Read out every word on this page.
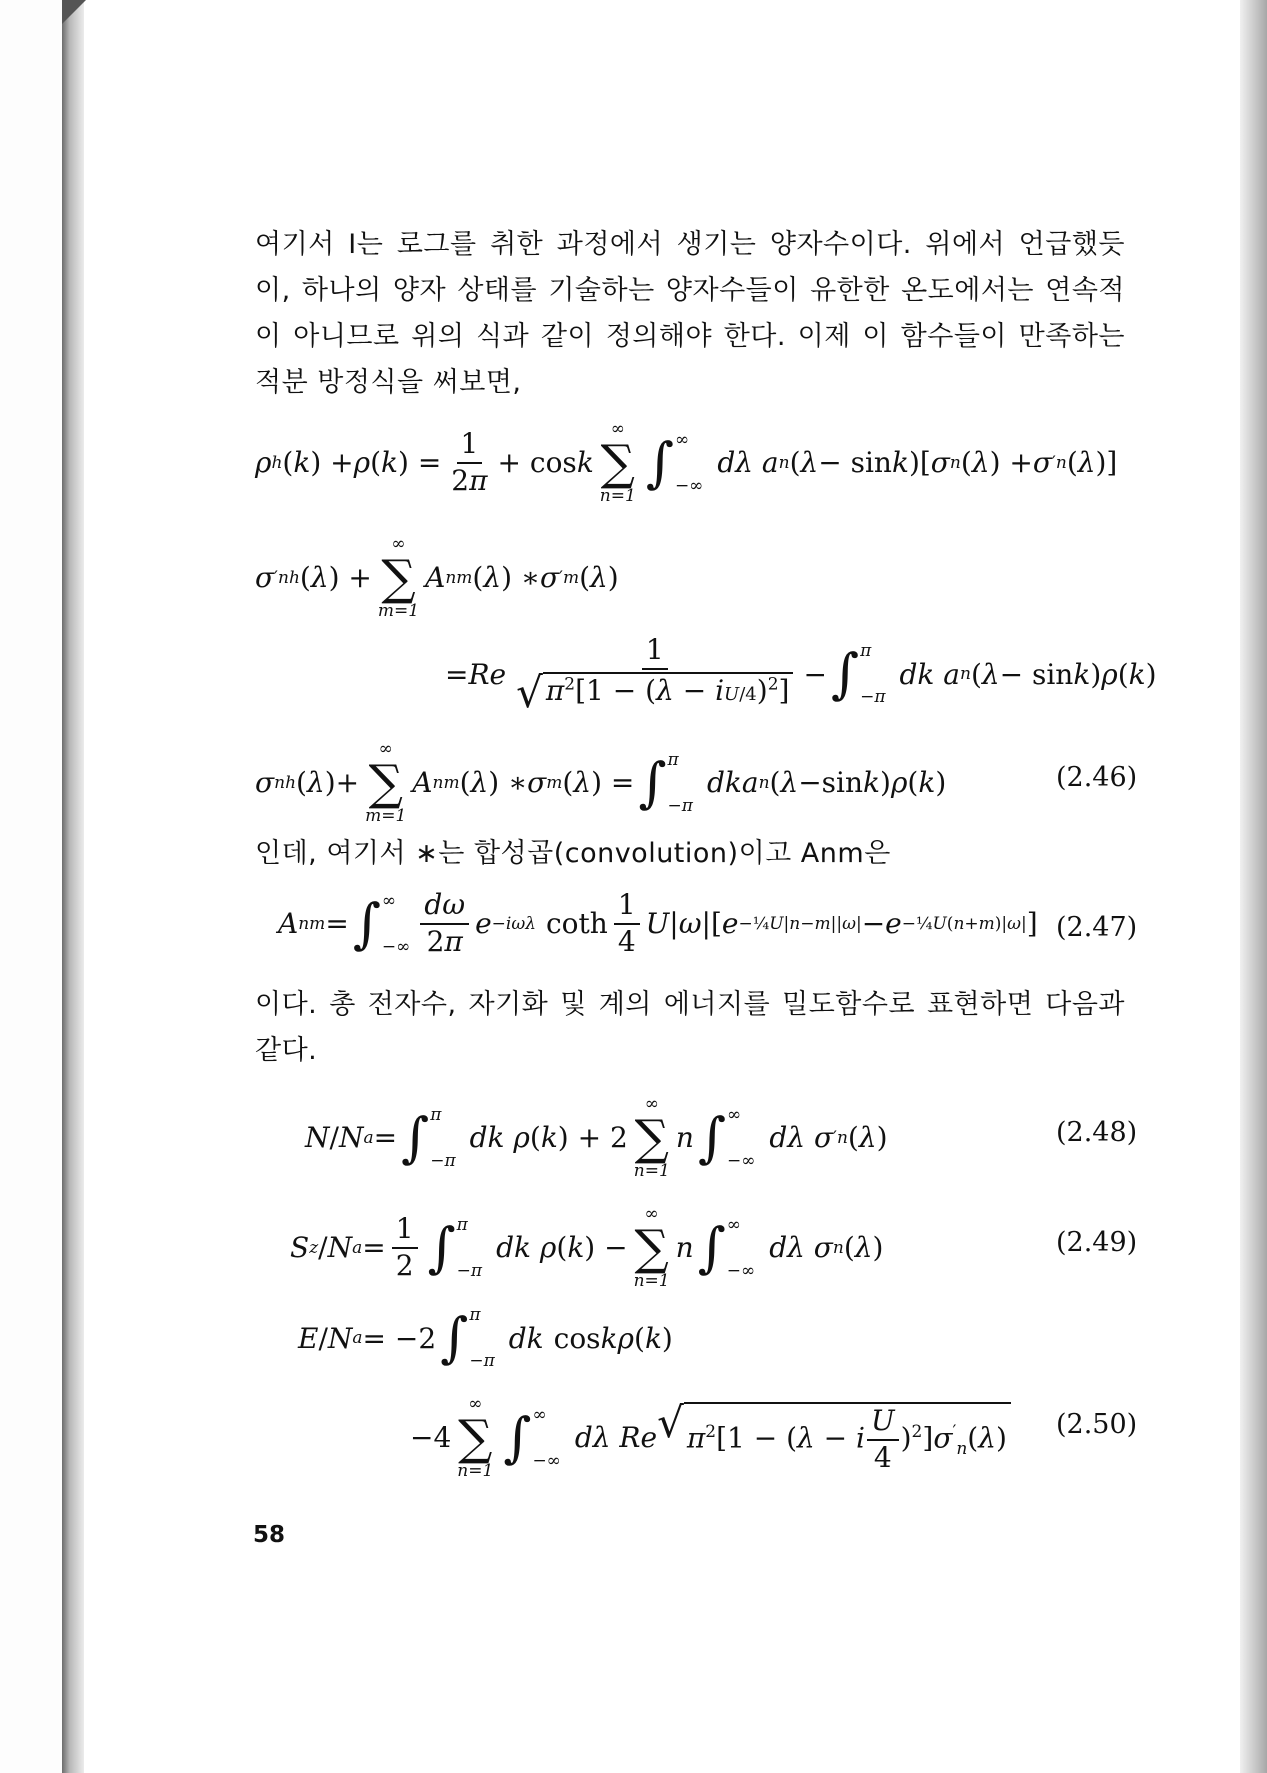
여기서 I는 로그를 취한 과정에서 생기는 양자수이다. 위에서 언급했듯이, 하나의 양자 상태를 기술하는 양자수들이 유한한 온도에서는 연속적이 아니므로 위의 식과 같이 정의해야 한다. 이제 이 함수들이 만족하는 적분 방정식을 써보면,
ρ h ( k ) + ρ ( k ) = $\frac{1}{2\pi} + \cos k$
∞
∑
n=1
∫ ∞
−∞
dλ a n ( λ − sin k )[ σ n ( λ ) + σ ′ n ( λ )]
σ ′ nh ( λ ) +
∞
∑
m=1
A nm ( λ ) ∗ σ ′ m ( λ )
= Re $\frac{1}{√ \pi^2[1 - (\lambda - iU/4)^2]}$ − ∫ π
−π
dk a n ( λ − sin k ) ρ ( k )
σ nh ( λ )+
∞
∑
m=1
A nm ( λ ) ∗ σ m ( λ ) = ∫ π
−π
dka n ( λ −sin k ) ρ ( k )	(2.46)
인데, 여기서 ∗는 합성곱(convolution)이고 Anm은
A nm = ∫ ∞
−∞ $\frac{d\omega}{2\pi}$ e −iωλ coth $\frac{1}{4}$ U | ω |[ e −¼U|n−m||ω| − e −¼U(n+m)|ω| ] (2.47)
이다. 총 전자수, 자기화 및 계의 에너지를 밀도함수로 표현하면 다음과 같다.
N / N a = ∫ π
−π
dk ρ ( k ) + 2
∞
∑
n=1
n ∫ ∞
−∞
dλ σ ′ n ( λ )	(2.48)
S z / N $a = \frac{1}{2}$ ∫ π
−π
dk ρ ( k ) −
∞
∑
n=1
n ∫ ∞
−∞
dλ σ n ( λ )	(2.49)
E / N a = −2 ∫ π
−π
dk cos kρ ( k )
−4
∞
∑
n=1
∫ ∞
−∞
dλ Re √ $\pi^2[1 - (\lambda - i \frac{U}{4} )^2]\sigma'_n(\lambda)$ (2.50)
58
